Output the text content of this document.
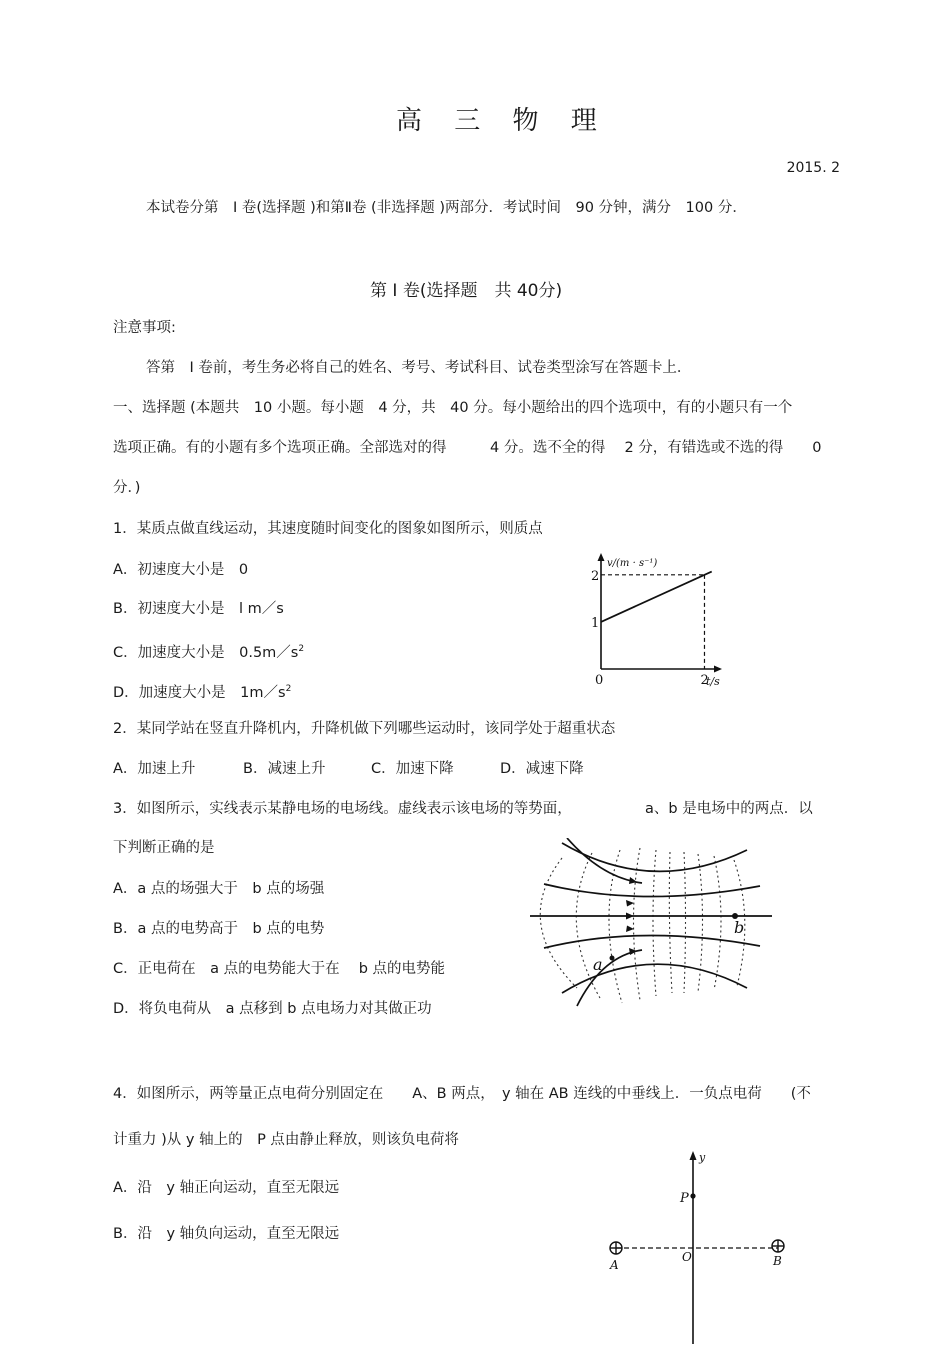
高 三 物 理
2015. 2
本试卷分第　I 卷(选择题 )和第Ⅱ卷 (非选择题 )两部分．考试时间　90 分钟，满分　100 分．
第 I 卷(选择题　共 40分)
注意事项:
答第　I 卷前，考生务必将自己的姓名、考号、考试科目、试卷类型涂写在答题卡上．
一、选择题 (本题共　10 小题。每小题　4 分，共　40 分。每小题给出的四个选项中，有的小题只有一个
选项正确。有的小题有多个选项正确。全部选对的得　　　4 分。选不全的得　 2 分，有错选或不选的得　　0
分．)
1．某质点做直线运动，其速度随时间变化的图象如图所示，则质点
A．初速度大小是　0
B．初速度大小是　l m／s
C．加速度大小是　$0.5m/s^2$
D．加速度大小是　$1m/s^2$
v/(m · s⁻¹)
t/s
1
2
0	2
2．某同学站在竖直升降机内，升降机做下列哪些运动时，该同学处于超重状态
A．加速上升	B．减速上升	C．加速下降	D．减速下降
3．如图所示，实线表示某静电场的电场线。虚线表示该电场的等势面，	a、b 是电场中的两点．以
下判断正确的是
A．a 点的场强大于　b 点的场强
B．a 点的电势高于　b 点的电势
C．正电荷在　a 点的电势能大于在　 b 点的电势能
D．将负电荷从　a 点移到 b 点电场力对其做正功
b
a
4．如图所示，两等量正点电荷分别固定在　　A、B 两点，　y 轴在 AB 连线的中垂线上．一负点电荷　　(不
计重力 )从 y 轴上的　P 点由静止释放，则该负电荷将
A．沿　y 轴正向运动，直至无限远
B．沿　y 轴负向运动，直至无限远
y
P
O
A	B
